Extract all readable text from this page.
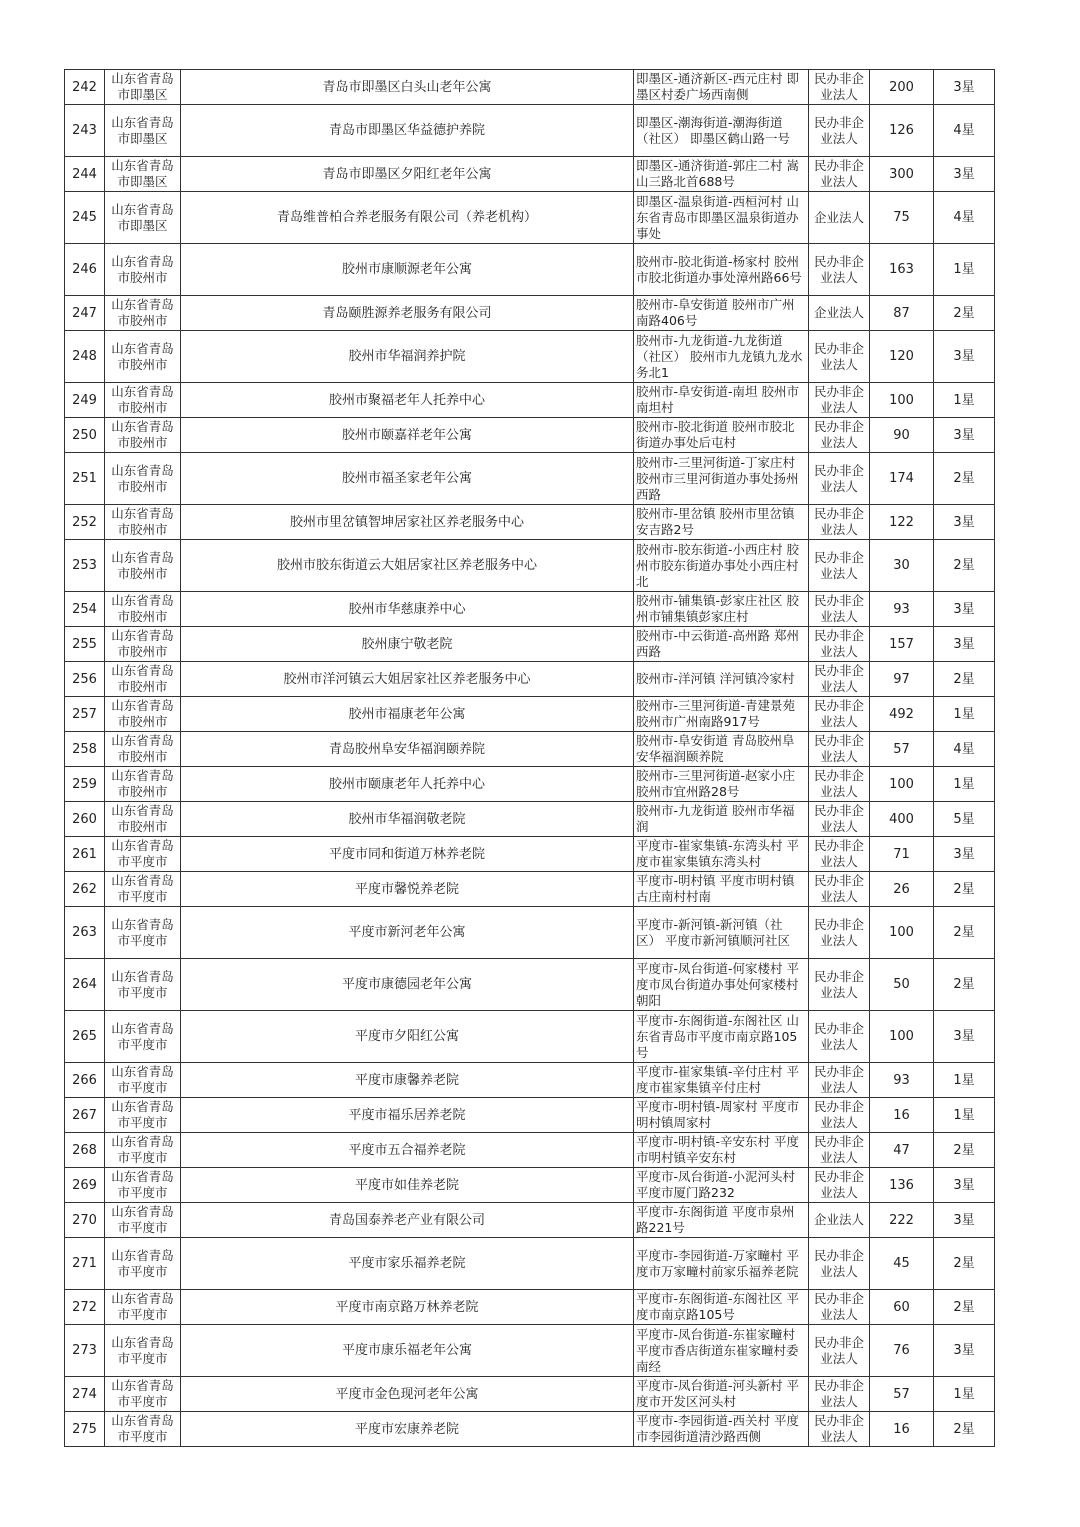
242	山东省青岛市即墨区	青岛市即墨区白头山老年公寓	即墨区-通济新区-西元庄村 即墨区村委广场西南侧	民办非企业法人	200	3星
243	山东省青岛市即墨区	青岛市即墨区华益德护养院	即墨区-潮海街道-潮海街道（社区） 即墨区鹤山路一号	民办非企业法人	126	4星
244	山东省青岛市即墨区	青岛市即墨区夕阳红老年公寓	即墨区-通济街道-郭庄二村 嵩山三路北首688号	民办非企业法人	300	3星
245	山东省青岛市即墨区	青岛维普柏合养老服务有限公司（养老机构）	即墨区-温泉街道-西桓河村 山东省青岛市即墨区温泉街道办事处	企业法人	75	4星
246	山东省青岛市胶州市	胶州市康顺源老年公寓	胶州市-胶北街道-杨家村 胶州市胶北街道办事处漳州路66号	民办非企业法人	163	1星
247	山东省青岛市胶州市	青岛颐胜源养老服务有限公司	胶州市-阜安街道 胶州市广州南路406号	企业法人	87	2星
248	山东省青岛市胶州市	胶州市华福润养护院	胶州市-九龙街道-九龙街道（社区） 胶州市九龙镇九龙水务北1	民办非企业法人	120	3星
249	山东省青岛市胶州市	胶州市聚福老年人托养中心	胶州市-阜安街道-南坦 胶州市南坦村	民办非企业法人	100	1星
250	山东省青岛市胶州市	胶州市颐嘉祥老年公寓	胶州市-胶北街道 胶州市胶北街道办事处后屯村	民办非企业法人	90	3星
251	山东省青岛市胶州市	胶州市福圣家老年公寓	胶州市-三里河街道-丁家庄村 胶州市三里河街道办事处扬州西路	民办非企业法人	174	2星
252	山东省青岛市胶州市	胶州市里岔镇智坤居家社区养老服务中心	胶州市-里岔镇 胶州市里岔镇安吉路2号	民办非企业法人	122	3星
253	山东省青岛市胶州市	胶州市胶东街道云大姐居家社区养老服务中心	胶州市-胶东街道-小西庄村 胶州市胶东街道办事处小西庄村北	民办非企业法人	30	2星
254	山东省青岛市胶州市	胶州市华慈康养中心	胶州市-铺集镇-彭家庄社区 胶州市铺集镇彭家庄村	民办非企业法人	93	3星
255	山东省青岛市胶州市	胶州康宁敬老院	胶州市-中云街道-高州路 郑州西路	民办非企业法人	157	3星
256	山东省青岛市胶州市	胶州市洋河镇云大姐居家社区养老服务中心	胶州市-洋河镇 洋河镇冷家村	民办非企业法人	97	2星
257	山东省青岛市胶州市	胶州市福康老年公寓	胶州市-三里河街道-青建景苑 胶州市广州南路917号	民办非企业法人	492	1星
258	山东省青岛市胶州市	青岛胶州阜安华福润颐养院	胶州市-阜安街道 青岛胶州阜安华福润颐养院	民办非企业法人	57	4星
259	山东省青岛市胶州市	胶州市颐康老年人托养中心	胶州市-三里河街道-赵家小庄 胶州市宜州路28号	民办非企业法人	100	1星
260	山东省青岛市胶州市	胶州市华福润敬老院	胶州市-九龙街道 胶州市华福润	民办非企业法人	400	5星
261	山东省青岛市平度市	平度市同和街道万林养老院	平度市-崔家集镇-东湾头村 平度市崔家集镇东湾头村	民办非企业法人	71	3星
262	山东省青岛市平度市	平度市馨悦养老院	平度市-明村镇 平度市明村镇古庄南村村南	民办非企业法人	26	2星
263	山东省青岛市平度市	平度市新河老年公寓	平度市-新河镇-新河镇（社区） 平度市新河镇顺河社区	民办非企业法人	100	2星
264	山东省青岛市平度市	平度市康德园老年公寓	平度市-凤台街道-何家楼村 平度市凤台街道办事处何家楼村朝阳	民办非企业法人	50	2星
265	山东省青岛市平度市	平度市夕阳红公寓	平度市-东阁街道-东阁社区 山东省青岛市平度市南京路105号	民办非企业法人	100	3星
266	山东省青岛市平度市	平度市康馨养老院	平度市-崔家集镇-辛付庄村 平度市崔家集镇辛付庄村	民办非企业法人	93	1星
267	山东省青岛市平度市	平度市福乐居养老院	平度市-明村镇-周家村 平度市明村镇周家村	民办非企业法人	16	1星
268	山东省青岛市平度市	平度市五合福养老院	平度市-明村镇-辛安东村 平度市明村镇辛安东村	民办非企业法人	47	2星
269	山东省青岛市平度市	平度市如佳养老院	平度市-凤台街道-小泥河头村 平度市厦门路232	民办非企业法人	136	3星
270	山东省青岛市平度市	青岛国泰养老产业有限公司	平度市-东阁街道 平度市泉州路221号	企业法人	222	3星
271	山东省青岛市平度市	平度市家乐福养老院	平度市-李园街道-万家疃村 平度市万家疃村前家乐福养老院	民办非企业法人	45	2星
272	山东省青岛市平度市	平度市南京路万林养老院	平度市-东阁街道-东阁社区 平度市南京路105号	民办非企业法人	60	2星
273	山东省青岛市平度市	平度市康乐福老年公寓	平度市-凤台街道-东崔家疃村 平度市香店街道东崔家疃村委南经	民办非企业法人	76	3星
274	山东省青岛市平度市	平度市金色现河老年公寓	平度市-凤台街道-河头新村 平度市开发区河头村	民办非企业法人	57	1星
275	山东省青岛市平度市	平度市宏康养老院	平度市-李园街道-西关村 平度市李园街道清沙路西侧	民办非企业法人	16	2星
